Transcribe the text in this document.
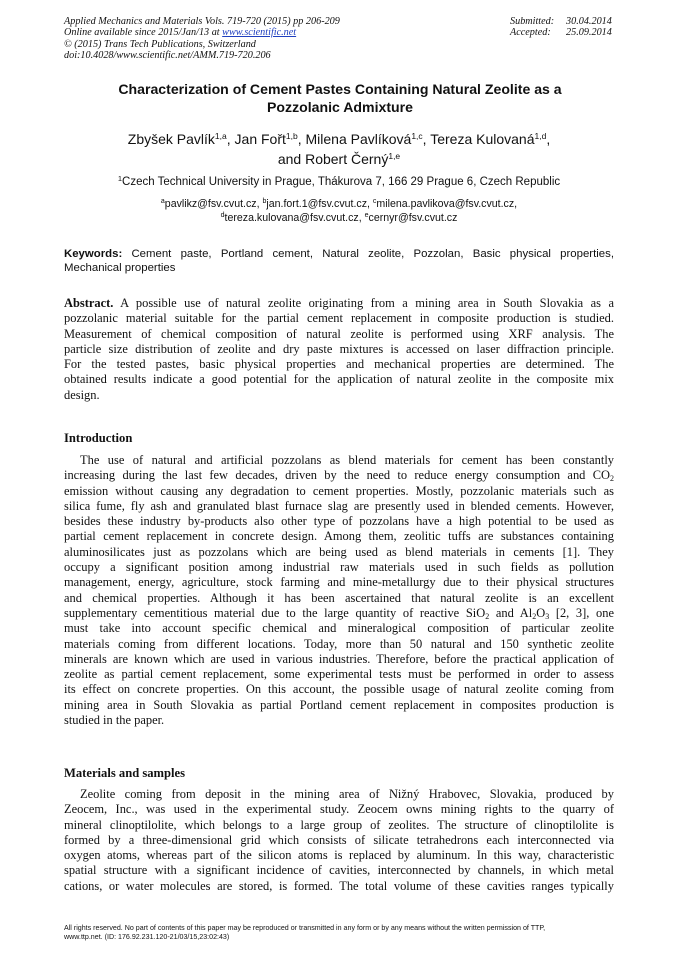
Applied Mechanics and Materials Vols. 719-720 (2015) pp 206-209
Online available since 2015/Jan/13 at www.scientific.net
© (2015) Trans Tech Publications, Switzerland
doi:10.4028/www.scientific.net/AMM.719-720.206
Submitted:	30.04.2014
Accepted:	25.09.2014
Characterization of Cement Pastes Containing Natural Zeolite as a
Pozzolanic Admixture
Zbyšek Pavlík$^{1,a}$, Jan Fořt$^{1,b}$, Milena Pavlíková$^{1,c}$, Tereza Kulovaná$^{1,d}$,
and Robert Černý$^{1,e}$
$^1$Czech Technical University in Prague, Thákurova 7, 166 29 Prague 6, Czech Republic
$^a$pavlikz@fsv.cvut.cz, $^b$jan.fort.1@fsv.cvut.cz, $^c$milena.pavlikova@fsv.cvut.cz,
$^d$tereza.kulovana@fsv.cvut.cz, $^e$cernyr@fsv.cvut.cz
Keywords: Cement paste, Portland cement, Natural zeolite, Pozzolan, Basic physical properties, Mechanical properties
Abstract. A possible use of natural zeolite originating from a mining area in South Slovakia as a
pozzolanic material suitable for the partial cement replacement in composite production is studied.
Measurement of chemical composition of natural zeolite is performed using XRF analysis. The
particle size distribution of zeolite and dry paste mixtures is accessed on laser diffraction principle.
For the tested pastes, basic physical properties and mechanical properties are determined. The
obtained results indicate a good potential for the application of natural zeolite in the composite mix
design.
Introduction
The use of natural and artificial pozzolans as blend materials for cement has been constantly
increasing during the last few decades, driven by the need to reduce energy consumption and $CO_2$
emission without causing any degradation to cement properties. Mostly, pozzolanic materials such as
silica fume, fly ash and granulated blast furnace slag are presently used in blended cements. However,
besides these industry by-products also other type of pozzolans have a high potential to be used as
partial cement replacement in concrete design. Among them, zeolitic tuffs are substances containing
aluminosilicates just as pozzolans which are being used as blend materials in cements [1]. They
occupy a significant position among industrial raw materials used in such fields as pollution
management, energy, agriculture, stock farming and mine-metallurgy due to their physical structures
and chemical properties. Although it has been ascertained that natural zeolite is an excellent
supplementary cementitious material due to the large quantity of reactive SiO$_2$ and $Al_2O_3$ [2, 3], one
must take into account specific chemical and mineralogical composition of particular zeolite
materials coming from different locations. Today, more than 50 natural and 150 synthetic zeolite
minerals are known which are used in various industries. Therefore, before the practical application of
zeolite as partial cement replacement, some experimental tests must be performed in order to assess
its effect on concrete properties. On this account, the possible usage of natural zeolite coming from
mining area in South Slovakia as partial Portland cement replacement in composites production is
studied in the paper.
Materials and samples
Zeolite coming from deposit in the mining area of Nižný Hrabovec, Slovakia, produced by
Zeocem, Inc., was used in the experimental study. Zeocem owns mining rights to the quarry of
mineral clinoptilolite, which belongs to a large group of zeolites. The structure of clinoptilolite is
formed by a three-dimensional grid which consists of silicate tetrahedrons each interconnected via
oxygen atoms, whereas part of the silicon atoms is replaced by aluminum. In this way, characteristic
spatial structure with a significant incidence of cavities, interconnected by channels, in which metal
cations, or water molecules are stored, is formed. The total volume of these cavities ranges typically
All rights reserved. No part of contents of this paper may be reproduced or transmitted in any form or by any means without the written permission of TTP,
www.ttp.net. (ID: 176.92.231.120-21/03/15,23:02:43)
